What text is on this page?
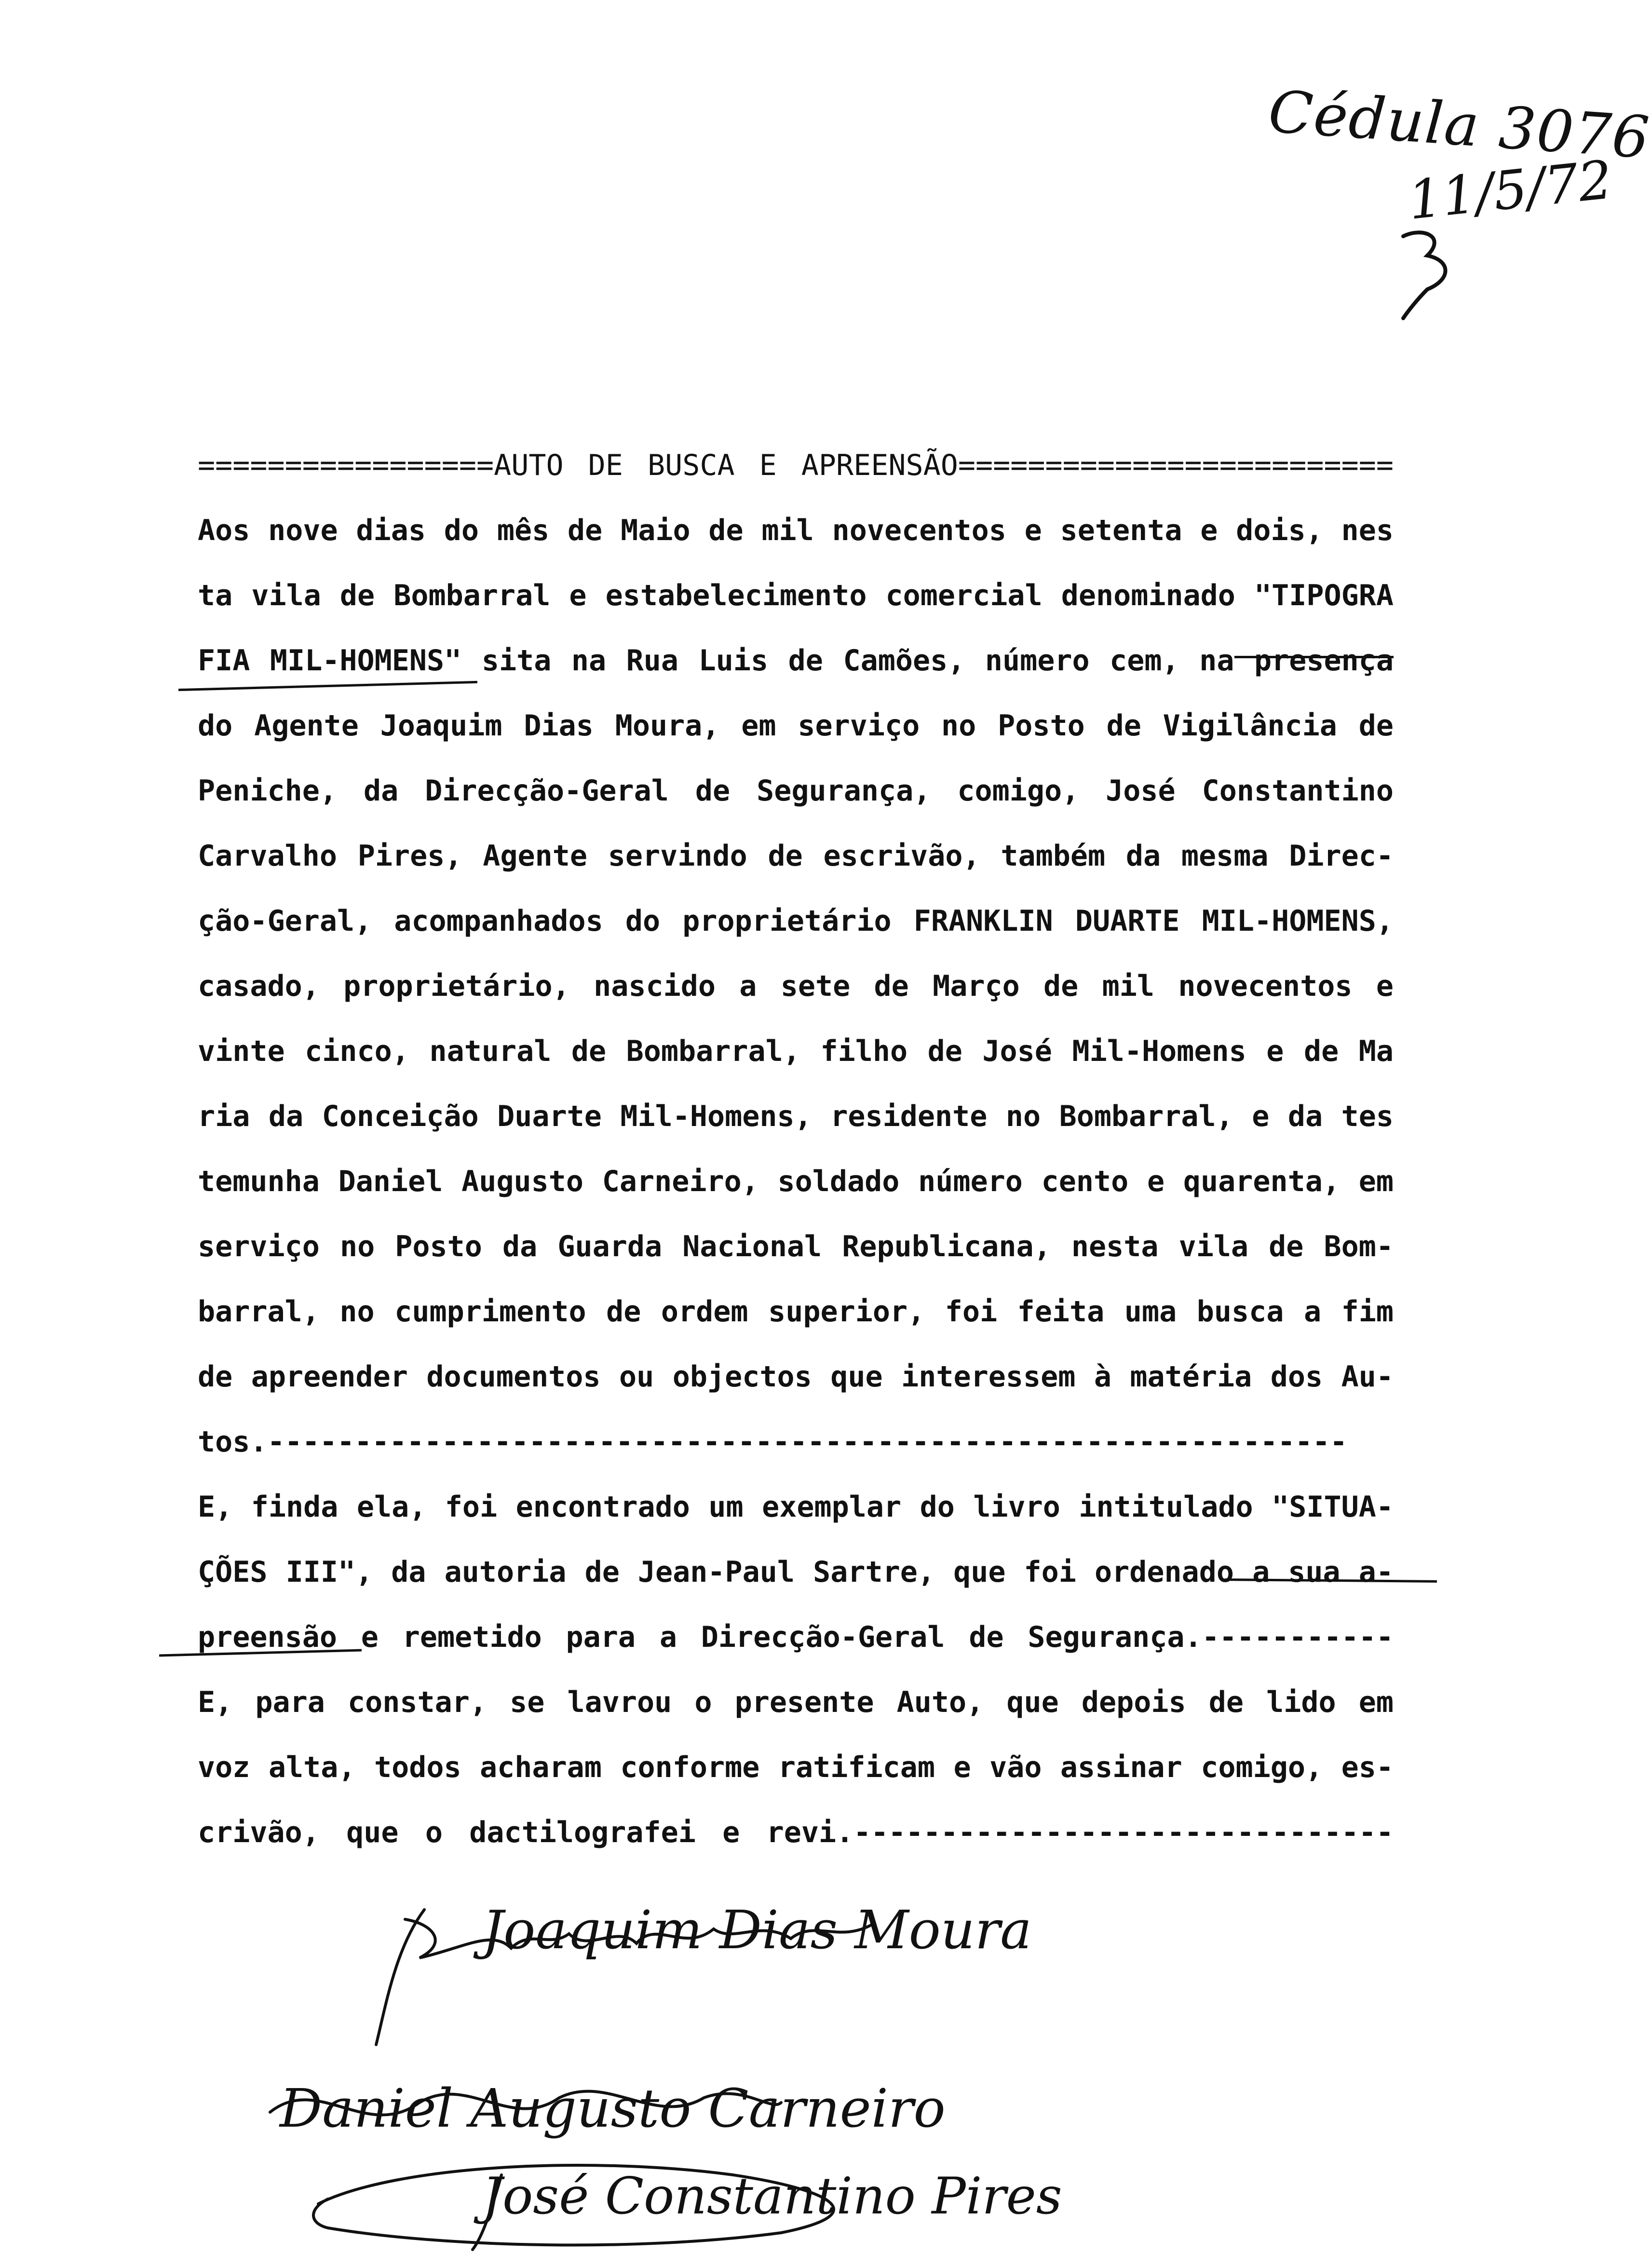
Cédula 3076
11/5/72
=================AUTO DE BUSCA E APREENSÃO=========================
Aos nove dias do mês de Maio de mil novecentos e setenta e dois, nes
ta vila de Bombarral e estabelecimento comercial denominado "TIPOGRA
FIA MIL-HOMENS" sita na Rua Luis de Camões, número cem, na presença
do Agente Joaquim Dias Moura, em serviço no Posto de Vigilância de
Peniche, da Direcção-Geral de Segurança, comigo, José Constantino
Carvalho Pires, Agente servindo de escrivão, também da mesma Direc-
ção-Geral, acompanhados do proprietário FRANKLIN DUARTE MIL-HOMENS,
casado, proprietário, nascido a sete de Março de mil novecentos e
vinte cinco, natural de Bombarral, filho de José Mil-Homens e de Ma
ria da Conceição Duarte Mil-Homens, residente no Bombarral, e da tes
temunha Daniel Augusto Carneiro, soldado número cento e quarenta, em
serviço no Posto da Guarda Nacional Republicana, nesta vila de Bom-
barral, no cumprimento de ordem superior, foi feita uma busca a fim
de apreender documentos ou objectos que interessem à matéria dos Au-
tos.--------------------------------------------------------------
E, finda ela, foi encontrado um exemplar do livro intitulado "SITUA-
ÇÕES III", da autoria de Jean-Paul Sartre, que foi ordenado a sua a-
preensão e remetido para a Direcção-Geral de Segurança.-----------
E, para constar, se lavrou o presente Auto, que depois de lido em
voz alta, todos acharam conforme ratificam e vão assinar comigo, es-
crivão, que o dactilografei e revi.-------------------------------
Joaquim Dias Moura
Daniel Augusto Carneiro
José Constantino Pires
